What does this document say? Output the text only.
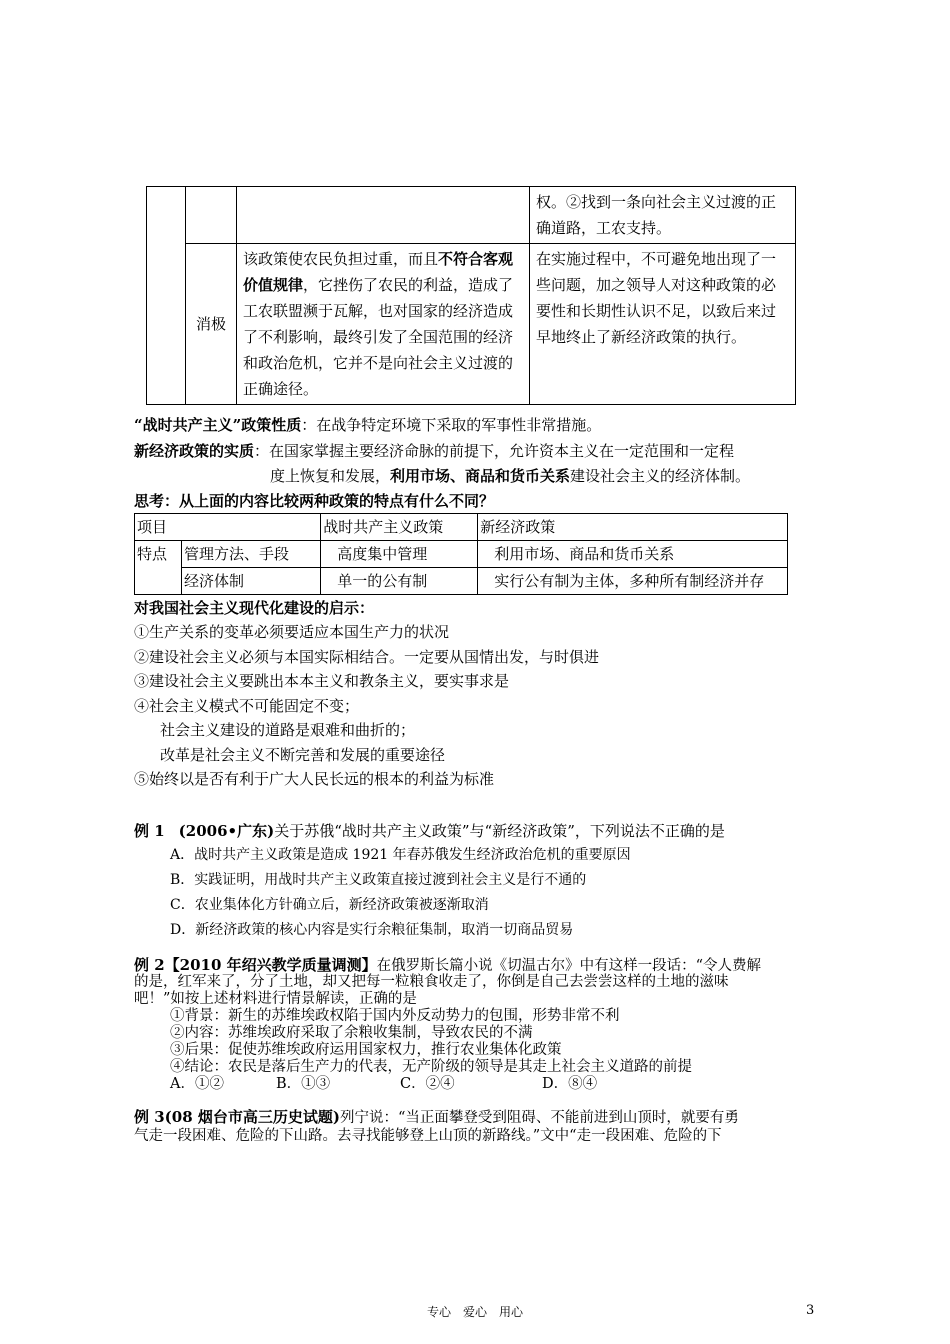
			权。②找到一条向社会主义过渡的正确道路，工农支持。
	消极	该政策使农民负担过重，而且不符合客观价值规律，它挫伤了农民的利益，造成了工农联盟濒于瓦解，也对国家的经济造成了不利影响，最终引发了全国范围的经济和政治危机，它并不是向社会主义过渡的正确途径。	在实施过程中，不可避免地出现了一些问题，加之领导人对这种政策的必要性和长期性认识不足，以致后来过早地终止了新经济政策的执行。
“战时共产主义”政策性质：在战争特定环境下采取的军事性非常措施。
新经济政策的实质：在国家掌握主要经济命脉的前提下，允许资本主义在一定范围和一定程
度上恢复和发展，利用市场、商品和货币关系建设社会主义的经济体制。
思考：从上面的内容比较两种政策的特点有什么不同？
项目		战时共产主义政策	新经济政策
特点	管理方法、手段	高度集中管理	利用市场、商品和货币关系
	经济体制	单一的公有制	实行公有制为主体，多种所有制经济并存
对我国社会主义现代化建设的启示：
①生产关系的变革必须要适应本国生产力的状况
②建设社会主义必须与本国实际相结合。一定要从国情出发，与时俱进
③建设社会主义要跳出本本主义和教条主义，要实事求是
④社会主义模式不可能固定不变；
社会主义建设的道路是艰难和曲折的；
改革是社会主义不断完善和发展的重要途径
⑤始终以是否有利于广大人民长远的根本的利益为标准
例 1 (2006•广东)关于苏俄“战时共产主义政策”与“新经济政策”，下列说法不正确的是
A．战时共产主义政策是造成 1921 年春苏俄发生经济政治危机的重要原因
B．实践证明，用战时共产主义政策直接过渡到社会主义是行不通的
C．农业集体化方针确立后，新经济政策被逐渐取消
D．新经济政策的核心内容是实行余粮征集制，取消一切商品贸易
例 2【2010 年绍兴教学质量调测】在俄罗斯长篇小说《切温古尔》中有这样一段话：“令人费解
的是，红军来了，分了土地，却又把每一粒粮食收走了，你倒是自己去尝尝这样的土地的滋味
吧！”如按上述材料进行情景解读，正确的是
①背景：新生的苏维埃政权陷于国内外反动势力的包围，形势非常不利
②内容：苏维埃政府采取了余粮收集制，导致农民的不满
③后果：促使苏维埃政府运用国家权力，推行农业集体化政策
④结论：农民是落后生产力的代表，无产阶级的领导是其走上社会主义道路的前提
A．①②	B．①③	C．②④	D．⑧④
例 3(08 烟台市高三历史试题)列宁说：“当正面攀登受到阻碍、不能前进到山顶时，就要有勇
气走一段困难、危险的下山路。去寻找能够登上山顶的新路线。”文中“走一段困难、危险的下
专心　爱心　用心	3
